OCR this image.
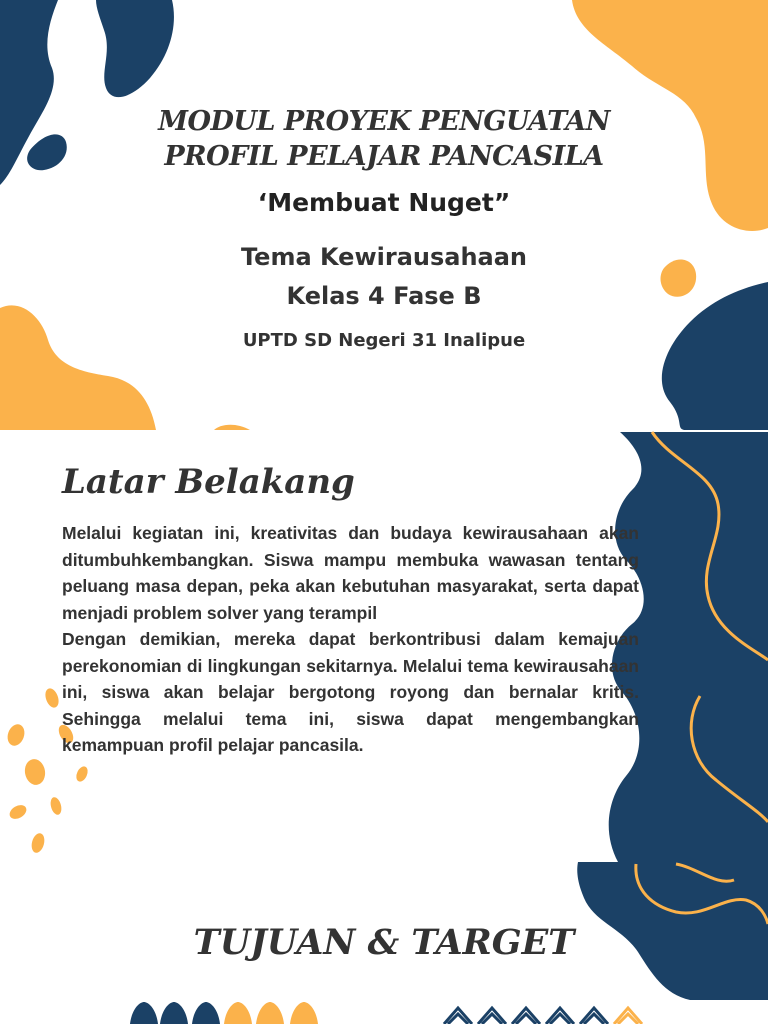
MODUL PROYEK PENGUATAN
PROFIL PELAJAR PANCASILA
‘Membuat Nuget”
Tema Kewirausahaan
Kelas 4 Fase B
UPTD SD Negeri 31 Inalipue
Latar Belakang

Melalui kegiatan ini, kreativitas dan budaya kewirausahaan akan ditumbuhkembangkan. Siswa mampu membuka wawasan tentang peluang masa depan, peka akan kebutuhan masyarakat, serta dapat menjadi problem solver yang terampil

Dengan demikian, mereka dapat berkontribusi dalam kemajuan perekonomian di lingkungan sekitarnya. Melalui tema kewirausahaan ini, siswa akan belajar bergotong royong dan bernalar kritis. Sehingga melalui tema ini, siswa dapat mengembangkan kemampuan profil pelajar pancasila.

TUJUAN & TARGET
